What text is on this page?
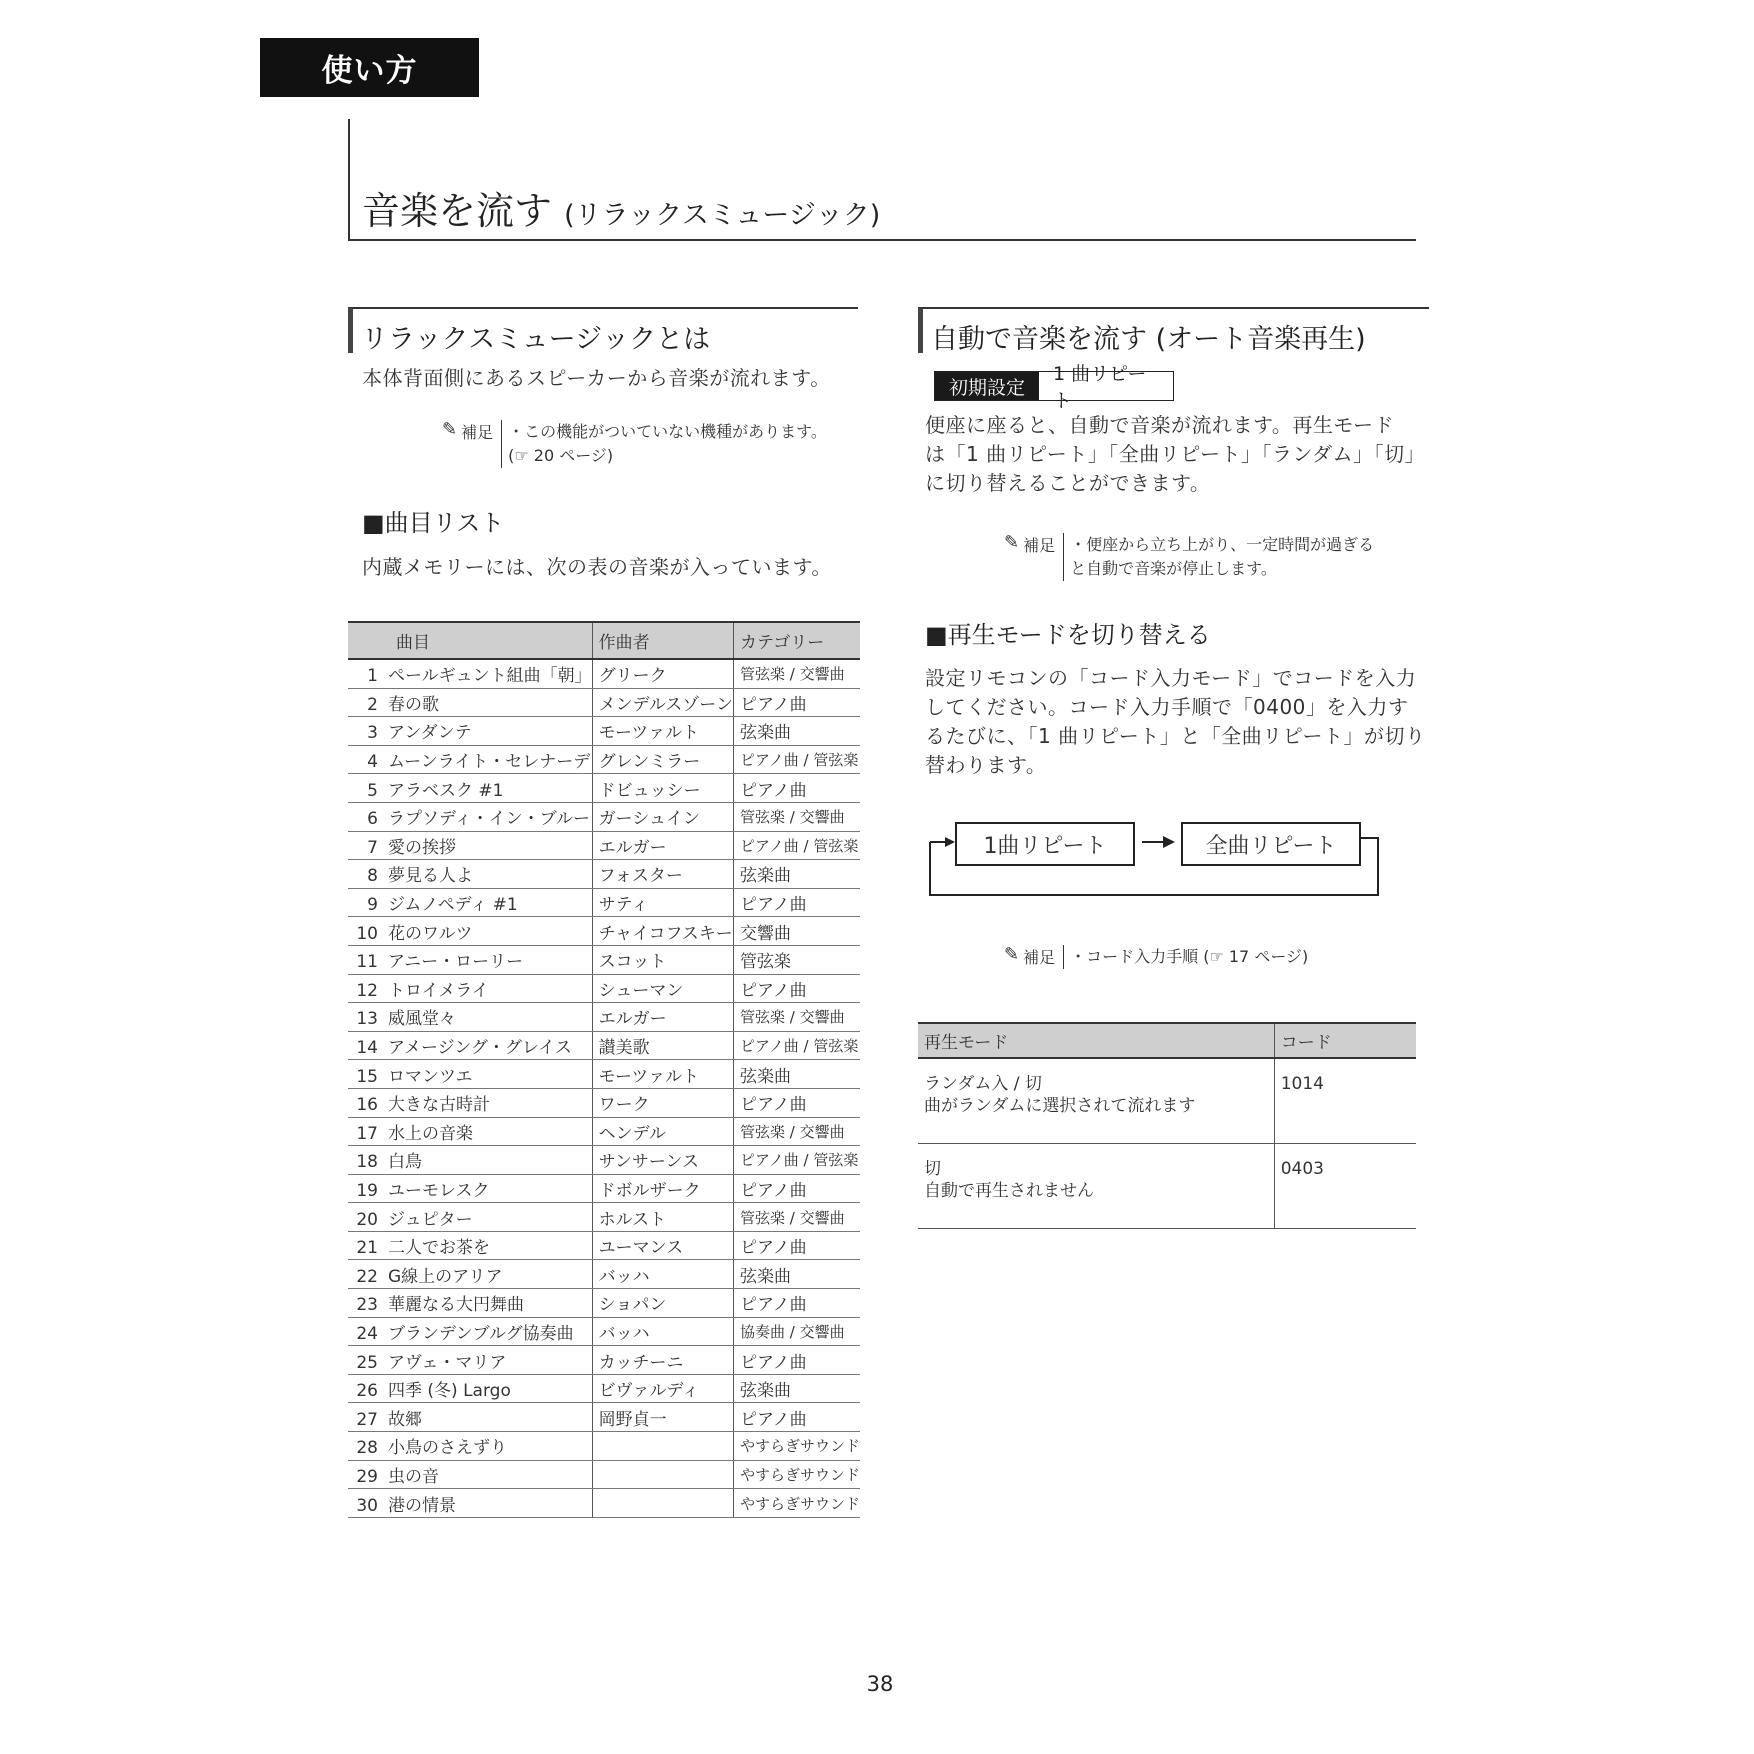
使い方
音楽を流す (リラックスミュージック)
リラックスミュージックとは
本体背面側にあるスピーカーから音楽が流れます。
✎ 補足 ・この機能がついていない機種があります。
(☞ 20 ページ)
■曲目リスト
内蔵メモリーには、次の表の音楽が入っています。
曲目	作曲者	カテゴリー
1 ペールギュント組曲「朝」	グリーク	管弦楽 / 交響曲
2 春の歌	メンデルスゾーン	ピアノ曲
3 アンダンテ	モーツァルト	弦楽曲
4 ムーンライト・セレナーデ	グレンミラー	ピアノ曲 / 管弦楽
5 アラベスク #1	ドビュッシー	ピアノ曲
6 ラプソディ・イン・ブルー	ガーシュイン	管弦楽 / 交響曲
7 愛の挨拶	エルガー	ピアノ曲 / 管弦楽
8 夢見る人よ	フォスター	弦楽曲
9 ジムノペディ #1	サティ	ピアノ曲
10 花のワルツ	チャイコフスキー	交響曲
11 アニー・ローリー	スコット	管弦楽
12 トロイメライ	シューマン	ピアノ曲
13 威風堂々	エルガー	管弦楽 / 交響曲
14 アメージング・グレイス	讃美歌	ピアノ曲 / 管弦楽
15 ロマンツエ	モーツァルト	弦楽曲
16 大きな古時計	ワーク	ピアノ曲
17 水上の音楽	ヘンデル	管弦楽 / 交響曲
18 白鳥	サンサーンス	ピアノ曲 / 管弦楽
19 ユーモレスク	ドボルザーク	ピアノ曲
20 ジュピター	ホルスト	管弦楽 / 交響曲
21 二人でお茶を	ユーマンス	ピアノ曲
22 G線上のアリア	バッハ	弦楽曲
23 華麗なる大円舞曲	ショパン	ピアノ曲
24 ブランデンブルグ協奏曲	バッハ	協奏曲 / 交響曲
25 アヴェ・マリア	カッチーニ	ピアノ曲
26 四季 (冬) Largo	ビヴァルディ	弦楽曲
27 故郷	岡野貞一	ピアノ曲
28 小鳥のさえずり		やすらぎサウンド
29 虫の音		やすらぎサウンド
30 港の情景		やすらぎサウンド
自動で音楽を流す (オート音楽再生)
初期設定
1 曲リピート
便座に座ると、自動で音楽が流れます。再生モード
は「1 曲リピート」「全曲リピート」「ランダム」「切」
に切り替えることができます。
✎ 補足 ・便座から立ち上がり、一定時間が過ぎる
と自動で音楽が停止します。
■再生モードを切り替える
設定リモコンの「コード入力モード」でコードを入力
してください。コード入力手順で「0400」を入力す
るたびに、「1 曲リピート」と「全曲リピート」が切り
替わります。
1曲リピート	全曲リピート
✎ 補足 ・コード入力手順 (☞ 17 ページ)
再生モード	コード

ランダム入 / 切
曲がランダムに選択されて流れます	1014

切
自動で再生されません	0403
38
